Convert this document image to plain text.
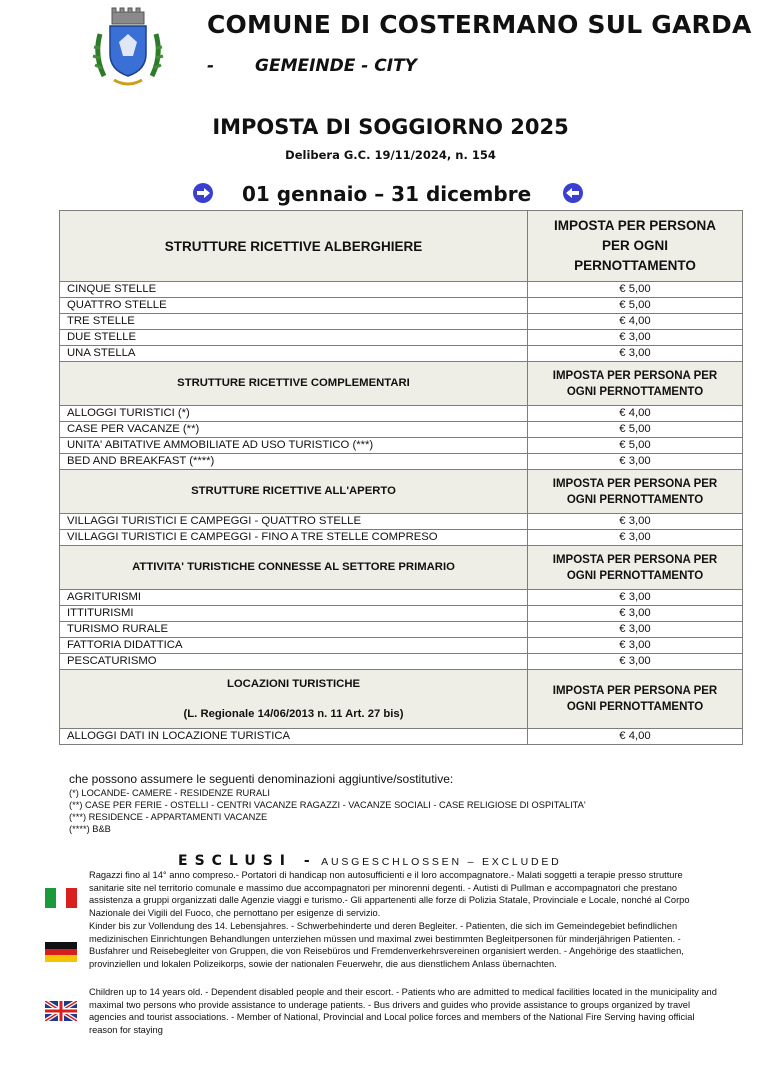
COMUNE DI COSTERMANO SUL GARDA
- GEMEINDE - CITY
IMPOSTA DI SOGGIORNO 2025
Delibera G.C. 19/11/2024, n. 154
01 gennaio – 31 dicembre
STRUTTURE RICETTIVE ALBERGHIERE	IMPOSTA PER PERSONA
PER OGNI
PERNOTTAMENTO
CINQUE STELLE	€ 5,00
QUATTRO STELLE	€ 5,00
TRE STELLE	€ 4,00
DUE STELLE	€ 3,00
UNA STELLA	€ 3,00
STRUTTURE RICETTIVE COMPLEMENTARI	IMPOSTA PER PERSONA PER
OGNI PERNOTTAMENTO
ALLOGGI TURISTICI (*)	€ 4,00
CASE PER VACANZE (**)	€ 5,00
UNITA' ABITATIVE AMMOBILIATE AD USO TURISTICO (***)	€ 5,00
BED AND BREAKFAST (****)	€ 3,00
STRUTTURE RICETTIVE ALL'APERTO	IMPOSTA PER PERSONA PER
OGNI PERNOTTAMENTO
VILLAGGI TURISTICI E CAMPEGGI - QUATTRO STELLE	€ 3,00
VILLAGGI TURISTICI E CAMPEGGI - FINO A TRE STELLE COMPRESO	€ 3,00
ATTIVITA' TURISTICHE CONNESSE AL SETTORE PRIMARIO	IMPOSTA PER PERSONA PER
OGNI PERNOTTAMENTO
AGRITURISMI	€ 3,00
ITTITURISMI	€ 3,00
TURISMO RURALE	€ 3,00
FATTORIA DIDATTICA	€ 3,00
PESCATURISMO	€ 3,00
LOCAZIONI TURISTICHE

(L. Regionale 14/06/2013 n. 11 Art. 27 bis)	IMPOSTA PER PERSONA PER
OGNI PERNOTTAMENTO
ALLOGGI DATI IN LOCAZIONE TURISTICA	€ 4,00
che possono assumere le seguenti denominazioni aggiuntive/sostitutive:
(*) LOCANDE- CAMERE - RESIDENZE RURALI
(**) CASE PER FERIE - OSTELLI - CENTRI VACANZE RAGAZZI - VACANZE SOCIALI - CASE RELIGIOSE DI OSPITALITA'
(***) RESIDENCE - APPARTAMENTI VACANZE
(****) B&B
ESCLUSI - AUSGESCHLOSSEN – EXCLUDED
Ragazzi fino al 14° anno compreso.- Portatori di handicap non autosufficienti e il loro accompagnatore.- Malati soggetti a terapie presso strutture sanitarie site nel territorio comunale e massimo due accompagnatori per minorenni degenti. - Autisti di Pullman e accompagnatori che prestano assistenza a gruppi organizzati dalle Agenzie viaggi e turismo.- Gli appartenenti alle forze di Polizia Statale, Provinciale e Locale, nonché al Corpo Nazionale dei Vigili del Fuoco, che pernottano per esigenze di servizio.
Kinder bis zur Vollendung des 14. Lebensjahres. - Schwerbehinderte und deren Begleiter. - Patienten, die sich im Gemeindegebiet befindlichen medizinischen Einrichtungen Behandlungen unterziehen müssen und maximal zwei bestimmten Begleitpersonen für minderjährigen Patienten. - Busfahrer und Reisebegleiter von Gruppen, die von Reisebüros und Fremdenverkehrsvereinen organisiert werden. - Angehörige des staatlichen, provinziellen und lokalen Polizeikorps, sowie der nationalen Feuerwehr, die aus dienstlichem Anlass übernachten.
Children up to 14 years old. - Dependent disabled people and their escort. - Patients who are admitted to medical facilities located in the municipality and maximal two persons who provide assistance to underage patients. - Bus drivers and guides who provide assistance to groups organized by travel agencies and tourist associations. - Member of National, Provincial and Local police forces and members of the National Fire Serving having official reason for staying
